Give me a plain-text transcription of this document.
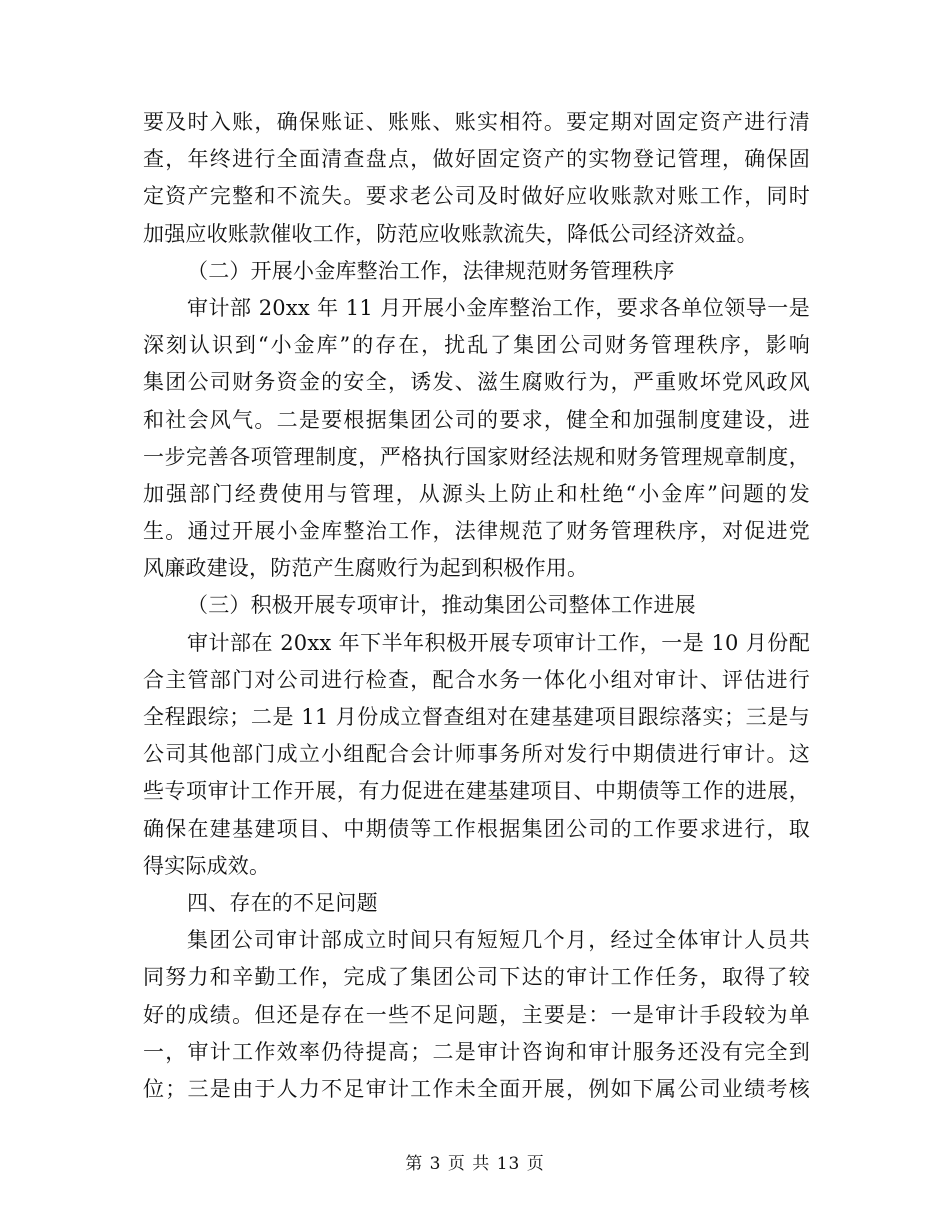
要及时入账，确保账证、账账、账实相符。要定期对固定资产进行清
查，年终进行全面清查盘点，做好固定资产的实物登记管理，确保固
定资产完整和不流失。要求老公司及时做好应收账款对账工作，同时
加强应收账款催收工作，防范应收账款流失，降低公司经济效益。
（二）开展小金库整治工作，法律规范财务管理秩序
审计部 20xx 年 11 月开展小金库整治工作，要求各单位领导一是
深刻认识到“小金库”的存在，扰乱了集团公司财务管理秩序，影响
集团公司财务资金的安全，诱发、滋生腐败行为，严重败坏党风政风
和社会风气。二是要根据集团公司的要求，健全和加强制度建设，进
一步完善各项管理制度，严格执行国家财经法规和财务管理规章制度，
加强部门经费使用与管理，从源头上防止和杜绝“小金库”问题的发
生。通过开展小金库整治工作，法律规范了财务管理秩序，对促进党
风廉政建设，防范产生腐败行为起到积极作用。
（三）积极开展专项审计，推动集团公司整体工作进展
审计部在 20xx 年下半年积极开展专项审计工作，一是 10 月份配
合主管部门对公司进行检查，配合水务一体化小组对审计、评估进行
全程跟综；二是 11 月份成立督查组对在建基建项目跟综落实；三是与
公司其他部门成立小组配合会计师事务所对发行中期债进行审计。这
些专项审计工作开展，有力促进在建基建项目、中期债等工作的进展，
确保在建基建项目、中期债等工作根据集团公司的工作要求进行，取
得实际成效。
四、存在的不足问题
集团公司审计部成立时间只有短短几个月，经过全体审计人员共
同努力和辛勤工作，完成了集团公司下达的审计工作任务，取得了较
好的成绩。但还是存在一些不足问题，主要是：一是审计手段较为单
一，审计工作效率仍待提高；二是审计咨询和审计服务还没有完全到
位；三是由于人力不足审计工作未全面开展，例如下属公司业绩考核
第 3 页 共 13 页
